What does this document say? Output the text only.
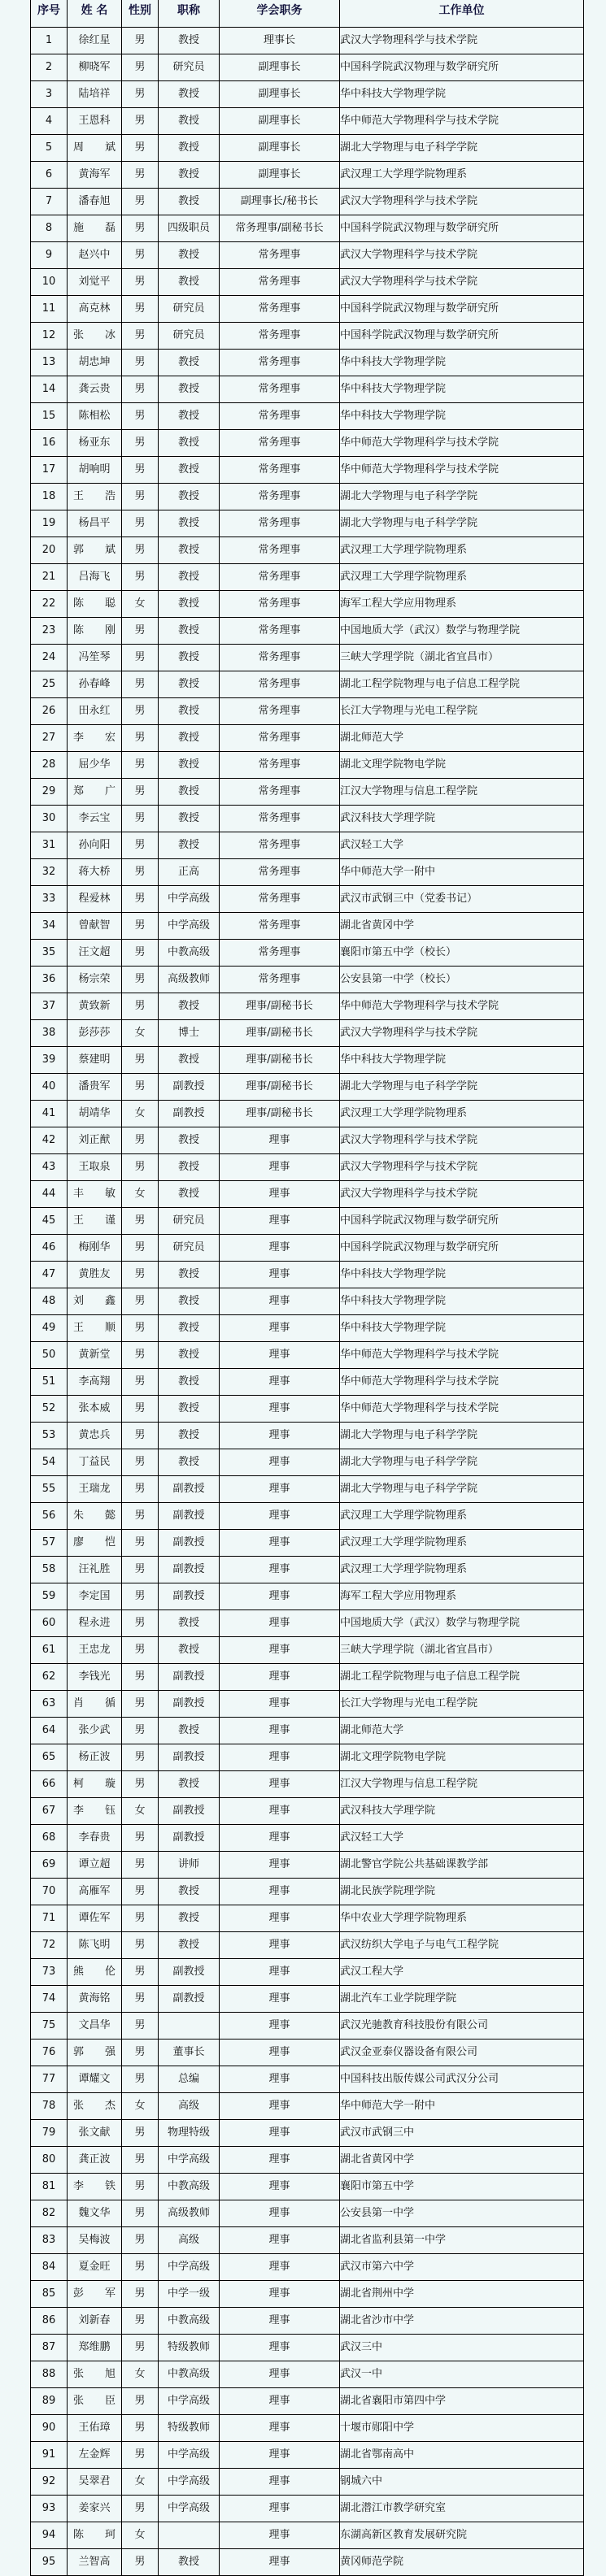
序号	姓 名	性别	职称	学会职务	工作单位
1	徐红星	男	教授	理事长	武汉大学物理科学与技术学院
2	柳晓军	男	研究员	副理事长	中国科学院武汉物理与数学研究所
3	陆培祥	男	教授	副理事长	华中科技大学物理学院
4	王恩科	男	教授	副理事长	华中师范大学物理科学与技术学院
5	周 斌	男	教授	副理事长	湖北大学物理与电子科学学院
6	黄海军	男	教授	副理事长	武汉理工大学理学院物理系
7	潘春旭	男	教授	副理事长/秘书长	武汉大学物理科学与技术学院
8	施 磊	男	四级职员	常务理事/副秘书长	中国科学院武汉物理与数学研究所
9	赵兴中	男	教授	常务理事	武汉大学物理科学与技术学院
10	刘觉平	男	教授	常务理事	武汉大学物理科学与技术学院
11	高克林	男	研究员	常务理事	中国科学院武汉物理与数学研究所
12	张 冰	男	研究员	常务理事	中国科学院武汉物理与数学研究所
13	胡忠坤	男	教授	常务理事	华中科技大学物理学院
14	龚云贵	男	教授	常务理事	华中科技大学物理学院
15	陈相松	男	教授	常务理事	华中科技大学物理学院
16	杨亚东	男	教授	常务理事	华中师范大学物理科学与技术学院
17	胡响明	男	教授	常务理事	华中师范大学物理科学与技术学院
18	王 浩	男	教授	常务理事	湖北大学物理与电子科学学院
19	杨昌平	男	教授	常务理事	湖北大学物理与电子科学学院
20	郭 斌	男	教授	常务理事	武汉理工大学理学院物理系
21	吕海飞	男	教授	常务理事	武汉理工大学理学院物理系
22	陈 聪	女	教授	常务理事	海军工程大学应用物理系
23	陈 刚	男	教授	常务理事	中国地质大学（武汉）数学与物理学院
24	冯笙琴	男	教授	常务理事	三峡大学理学院（湖北省宜昌市）
25	孙春峰	男	教授	常务理事	湖北工程学院物理与电子信息工程学院
26	田永红	男	教授	常务理事	长江大学物理与光电工程学院
27	李 宏	男	教授	常务理事	湖北师范大学
28	屈少华	男	教授	常务理事	湖北文理学院物电学院
29	郑 广	男	教授	常务理事	江汉大学物理与信息工程学院
30	李云宝	男	教授	常务理事	武汉科技大学理学院
31	孙向阳	男	教授	常务理事	武汉轻工大学
32	蒋大桥	男	正高	常务理事	华中师范大学一附中
33	程爱林	男	中学高级	常务理事	武汉市武钢三中（党委书记）
34	曾献智	男	中学高级	常务理事	湖北省黄冈中学
35	汪文超	男	中教高级	常务理事	襄阳市第五中学（校长）
36	杨宗荣	男	高级教师	常务理事	公安县第一中学（校长）
37	黄致新	男	教授	理事/副秘书长	华中师范大学物理科学与技术学院
38	彭莎莎	女	博士	理事/副秘书长	武汉大学物理科学与技术学院
39	蔡建明	男	教授	理事/副秘书长	华中科技大学物理学院
40	潘贵军	男	副教授	理事/副秘书长	湖北大学物理与电子科学学院
41	胡靖华	女	副教授	理事/副秘书长	武汉理工大学理学院物理系
42	刘正猷	男	教授	理事	武汉大学物理科学与技术学院
43	王取泉	男	教授	理事	武汉大学物理科学与技术学院
44	丰 敏	女	教授	理事	武汉大学物理科学与技术学院
45	王 谨	男	研究员	理事	中国科学院武汉物理与数学研究所
46	梅刚华	男	研究员	理事	中国科学院武汉物理与数学研究所
47	黄胜友	男	教授	理事	华中科技大学物理学院
48	刘 鑫	男	教授	理事	华中科技大学物理学院
49	王 顺	男	教授	理事	华中科技大学物理学院
50	黄新堂	男	教授	理事	华中师范大学物理科学与技术学院
51	李高翔	男	教授	理事	华中师范大学物理科学与技术学院
52	张本威	男	教授	理事	华中师范大学物理科学与技术学院
53	黄忠兵	男	教授	理事	湖北大学物理与电子科学学院
54	丁益民	男	教授	理事	湖北大学物理与电子科学学院
55	王瑞龙	男	副教授	理事	湖北大学物理与电子科学学院
56	朱 懿	男	副教授	理事	武汉理工大学理学院物理系
57	廖 恺	男	副教授	理事	武汉理工大学理学院物理系
58	汪礼胜	男	副教授	理事	武汉理工大学理学院物理系
59	李定国	男	副教授	理事	海军工程大学应用物理系
60	程永进	男	教授	理事	中国地质大学（武汉）数学与物理学院
61	王忠龙	男	教授	理事	三峡大学理学院（湖北省宜昌市）
62	李钱光	男	副教授	理事	湖北工程学院物理与电子信息工程学院
63	肖 循	男	副教授	理事	长江大学物理与光电工程学院
64	张少武	男	教授	理事	湖北师范大学
65	杨正波	男	副教授	理事	湖北文理学院物电学院
66	柯 璇	男	教授	理事	江汉大学物理与信息工程学院
67	李 钰	女	副教授	理事	武汉科技大学理学院
68	李春贵	男	副教授	理事	武汉轻工大学
69	谭立超	男	讲师	理事	湖北警官学院公共基础课教学部
70	高雁军	男	教授	理事	湖北民族学院理学院
71	谭佐军	男	教授	理事	华中农业大学理学院物理系
72	陈飞明	男	教授	理事	武汉纺织大学电子与电气工程学院
73	熊 伦	男	副教授	理事	武汉工程大学
74	黄海铭	男	副教授	理事	湖北汽车工业学院理学院
75	文昌华	男		理事	武汉光驰教育科技股份有限公司
76	郭 强	男	董事长	理事	武汉金亚泰仪器设备有限公司
77	谭耀文	男	总编	理事	中国科技出版传媒公司武汉分公司
78	张 杰	女	高级	理事	华中师范大学一附中
79	张文献	男	物理特级	理事	武汉市武钢三中
80	龚正波	男	中学高级	理事	湖北省黄冈中学
81	李 铁	男	中教高级	理事	襄阳市第五中学
82	魏文华	男	高级教师	理事	公安县第一中学
83	吴梅波	男	高级	理事	湖北省监利县第一中学
84	夏金旺	男	中学高级	理事	武汉市第六中学
85	彭 军	男	中学一级	理事	湖北省荆州中学
86	刘新春	男	中教高级	理事	湖北省沙市中学
87	郑维鹏	男	特级教师	理事	武汉三中
88	张 旭	女	中教高级	理事	武汉一中
89	张 臣	男	中学高级	理事	湖北省襄阳市第四中学
90	王佑璋	男	特级教师	理事	十堰市郧阳中学
91	左金辉	男	中学高级	理事	湖北省鄂南高中
92	吴翠君	女	中学高级	理事	钢城六中
93	姜家兴	男	中学高级	理事	湖北潜江市教学研究室
94	陈 珂	女		理事	东湖高新区教育发展研究院
95	兰智高	男	教授	理事	黄冈师范学院
